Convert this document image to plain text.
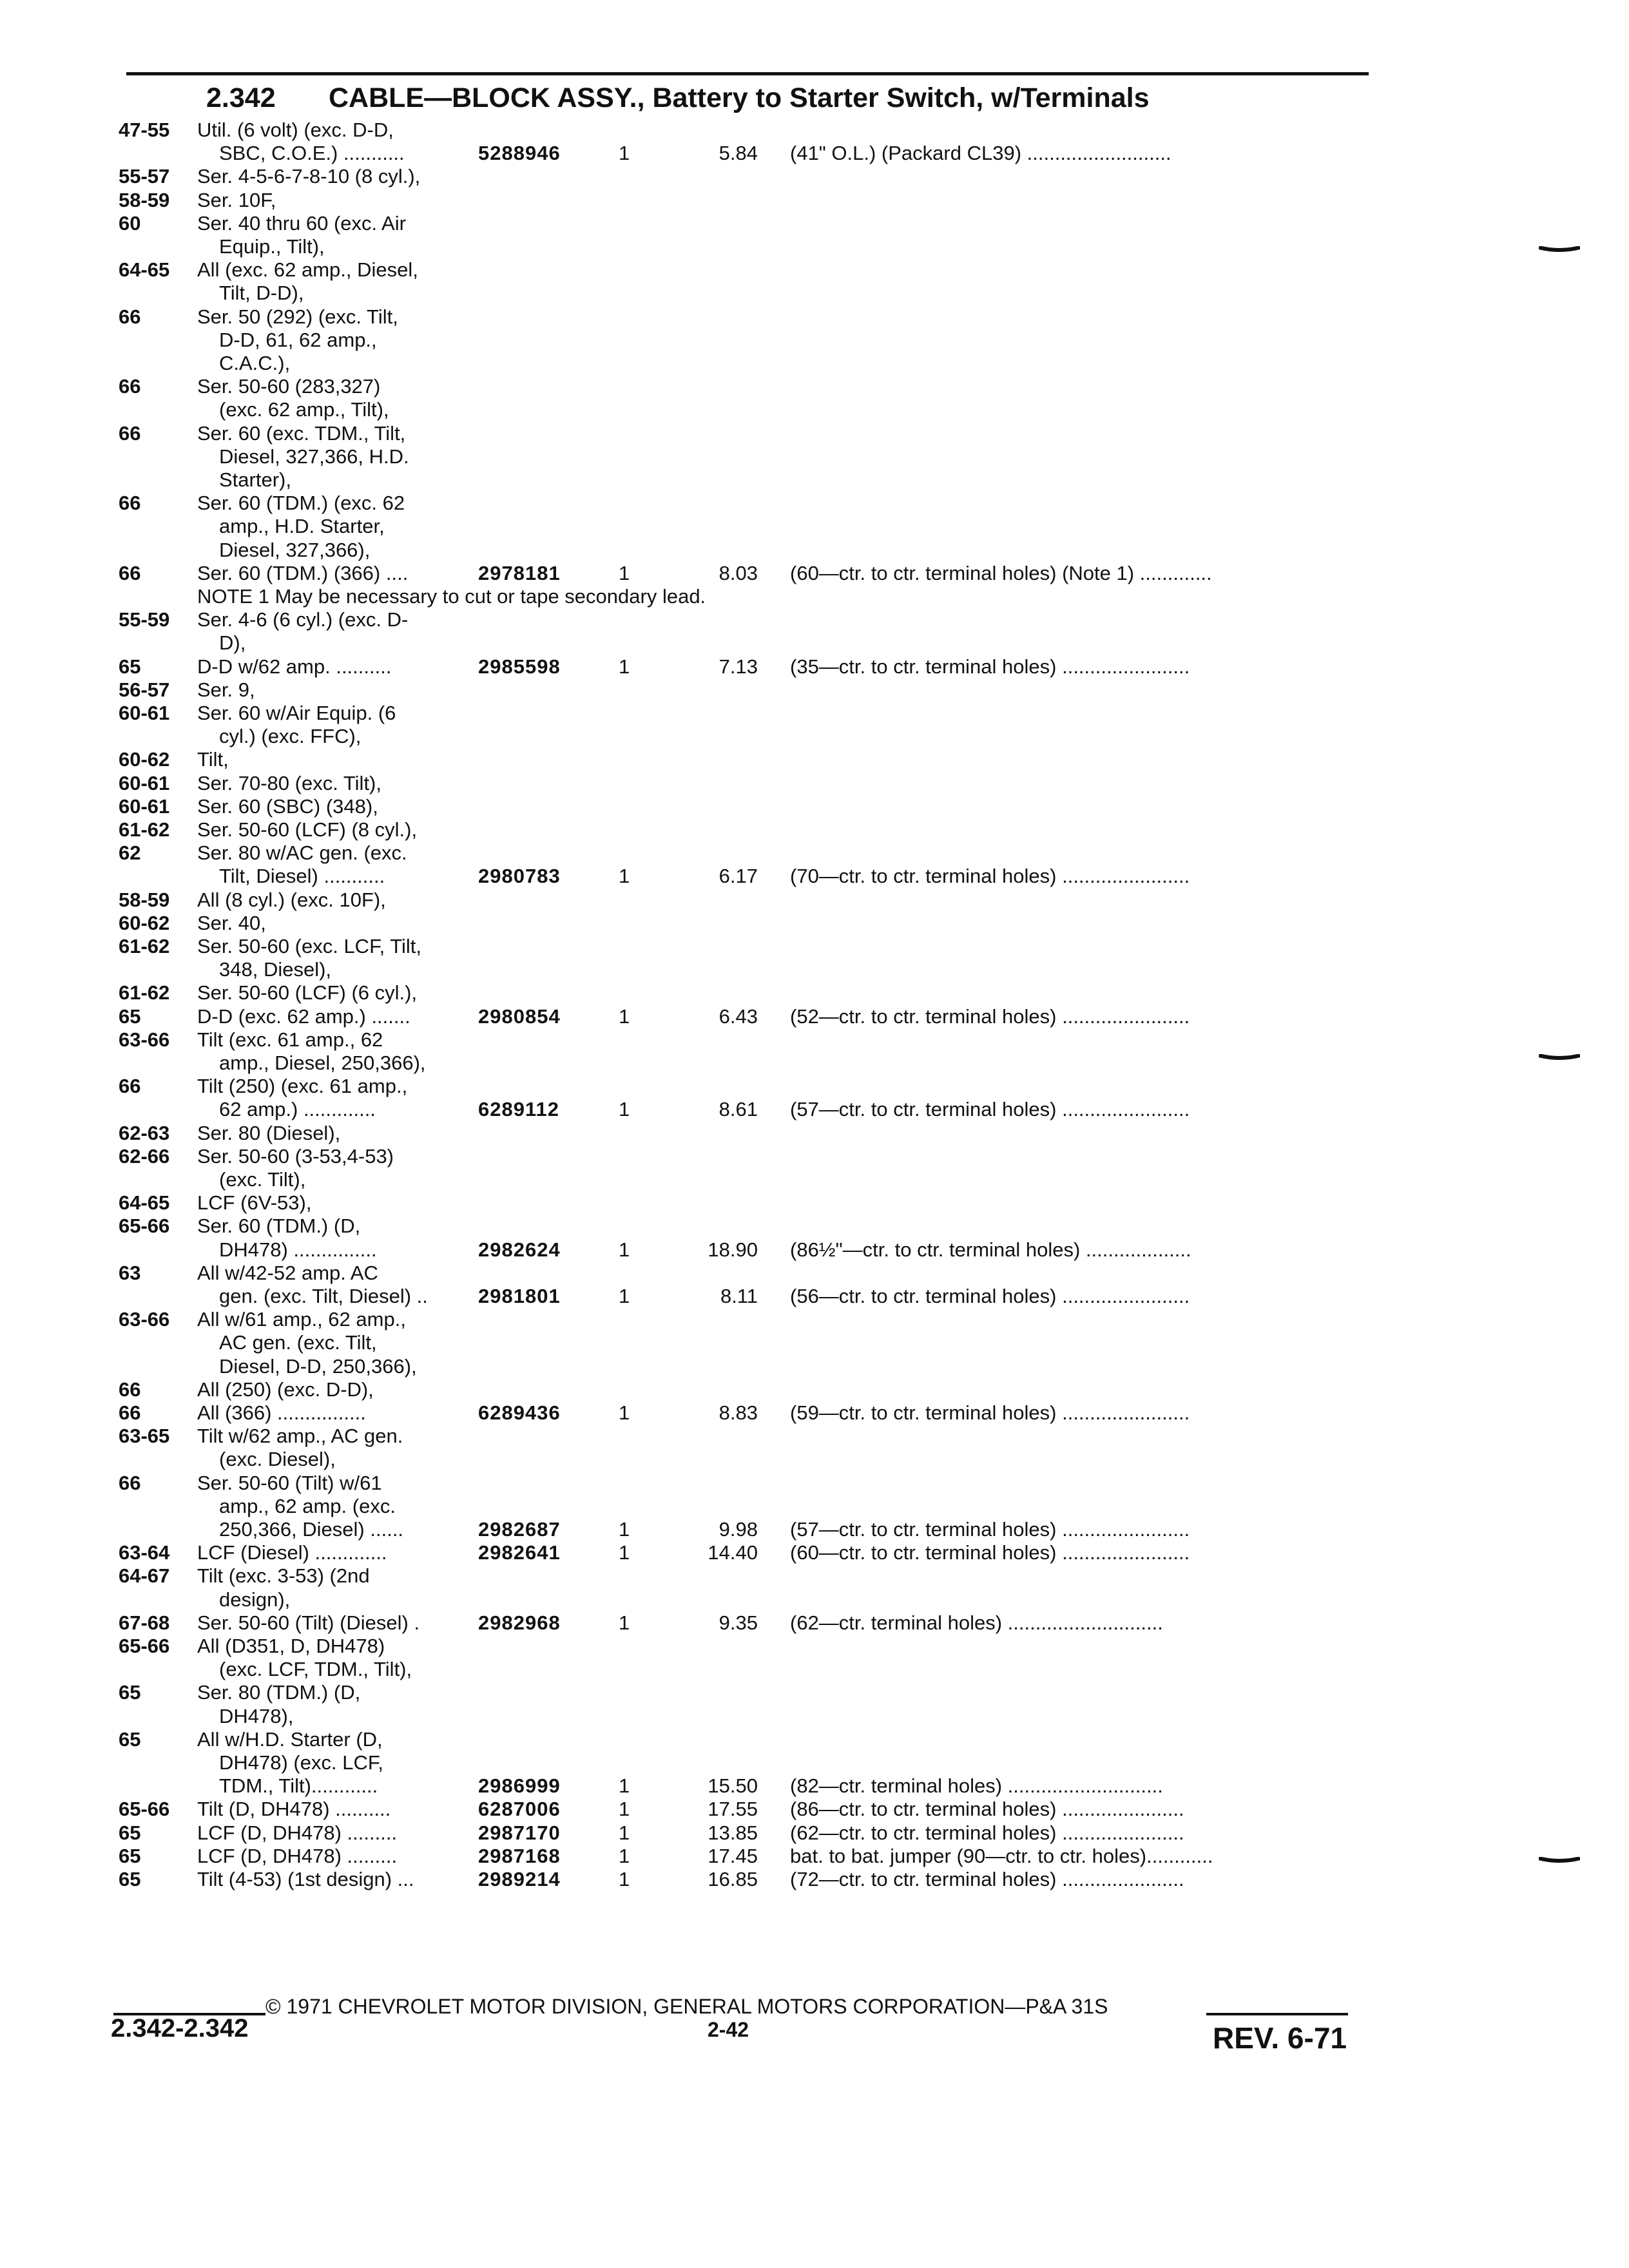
2.342 CABLE—BLOCK ASSY., Battery to Starter Switch, w/Terminals
47-55 Util. (6 volt) (exc. D-D,
SBC, C.O.E.) ...........	5288946	1	5.84 (41" O.L.) (Packard CL39) ..........................
55-57 Ser. 4-5-6-7-8-10 (8 cyl.),
58-59 Ser. 10F,
60	Ser. 40 thru 60 (exc. Air
Equip., Tilt),
64-65 All (exc. 62 amp., Diesel,
Tilt, D-D),
66	Ser. 50 (292) (exc. Tilt,
D-D, 61, 62 amp.,
C.A.C.),
66	Ser. 50-60 (283,327)
(exc. 62 amp., Tilt),
66	Ser. 60 (exc. TDM., Tilt,
Diesel, 327,366, H.D.
Starter),
66	Ser. 60 (TDM.) (exc. 62
amp., H.D. Starter,
Diesel, 327,366),
66	Ser. 60 (TDM.) (366) ....	2978181	1	8.03 (60—ctr. to ctr. terminal holes) (Note 1) .............
NOTE 1 May be necessary to cut or tape secondary lead.
55-59 Ser. 4-6 (6 cyl.) (exc. D-
D),
65	D-D w/62 amp. ..........	2985598	1	7.13 (35—ctr. to ctr. terminal holes) .......................
56-57 Ser. 9,
60-61 Ser. 60 w/Air Equip. (6
cyl.) (exc. FFC),
60-62 Tilt,
60-61 Ser. 70-80 (exc. Tilt),
60-61 Ser. 60 (SBC) (348),
61-62 Ser. 50-60 (LCF) (8 cyl.),
62	Ser. 80 w/AC gen. (exc.
Tilt, Diesel) ...........	2980783	1	6.17 (70—ctr. to ctr. terminal holes) .......................
58-59 All (8 cyl.) (exc. 10F),
60-62 Ser. 40,
61-62 Ser. 50-60 (exc. LCF, Tilt,
348, Diesel),
61-62 Ser. 50-60 (LCF) (6 cyl.),
65	D-D (exc. 62 amp.) .......	2980854	1	6.43 (52—ctr. to ctr. terminal holes) .......................
63-66 Tilt (exc. 61 amp., 62
amp., Diesel, 250,366),
66	Tilt (250) (exc. 61 amp.,
62 amp.) .............	6289112	1	8.61 (57—ctr. to ctr. terminal holes) .......................
62-63 Ser. 80 (Diesel),
62-66 Ser. 50-60 (3-53,4-53)
(exc. Tilt),
64-65 LCF (6V-53),
65-66 Ser. 60 (TDM.) (D,
DH478) ...............	2982624	1	18.90 (86½"—ctr. to ctr. terminal holes) ...................
63	All w/42-52 amp. AC
gen. (exc. Tilt, Diesel) ..	2981801	1	8.11 (56—ctr. to ctr. terminal holes) .......................
63-66 All w/61 amp., 62 amp.,
AC gen. (exc. Tilt,
Diesel, D-D, 250,366),
66	All (250) (exc. D-D),
66	All (366) ................	6289436	1	8.83 (59—ctr. to ctr. terminal holes) .......................
63-65 Tilt w/62 amp., AC gen.
(exc. Diesel),
66	Ser. 50-60 (Tilt) w/61
amp., 62 amp. (exc.
250,366, Diesel) ......	2982687	1	9.98 (57—ctr. to ctr. terminal holes) .......................
63-64 LCF (Diesel) .............	2982641	1	14.40 (60—ctr. to ctr. terminal holes) .......................
64-67 Tilt (exc. 3-53) (2nd
design),
67-68 Ser. 50-60 (Tilt) (Diesel) .	2982968	1	9.35 (62—ctr. terminal holes) ............................
65-66 All (D351, D, DH478)
(exc. LCF, TDM., Tilt),
65	Ser. 80 (TDM.) (D,
DH478),
65	All w/H.D. Starter (D,
DH478) (exc. LCF,
TDM., Tilt)............	2986999	1	15.50 (82—ctr. terminal holes) ............................
65-66 Tilt (D, DH478) ..........	6287006	1	17.55 (86—ctr. to ctr. terminal holes) ......................
65	LCF (D, DH478) .........	2987170	1	13.85 (62—ctr. to ctr. terminal holes) ......................
65	LCF (D, DH478) .........	2987168	1	17.45 bat. to bat. jumper (90—ctr. to ctr. holes)............
65	Tilt (4-53) (1st design) ...	2989214	1	16.85 (72—ctr. to ctr. terminal holes) ......................
© 1971 CHEVROLET MOTOR DIVISION, GENERAL MOTORS CORPORATION—P&A 31S
2.342-2.342	2-42	REV. 6-71
